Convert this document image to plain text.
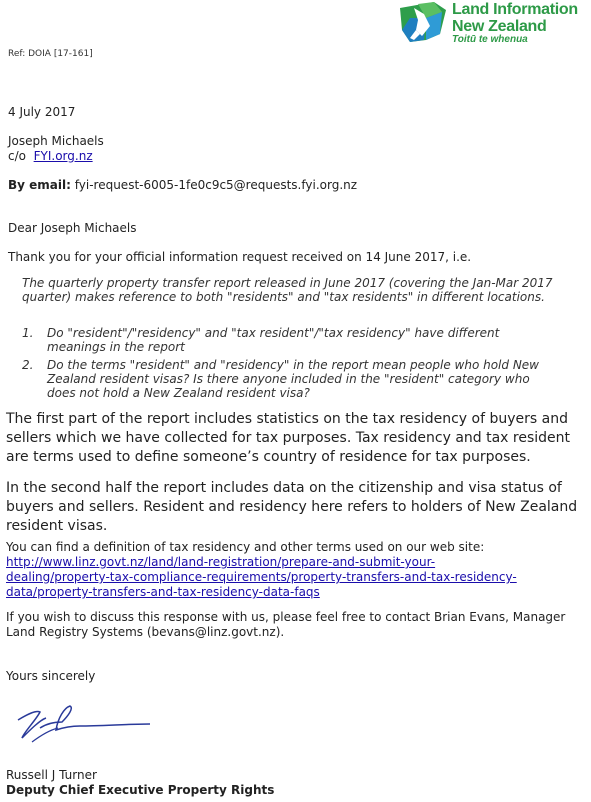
Land Information
New Zealand
Toitū te whenua
Ref: DOIA [17-161]
4 July 2017
Joseph Michaels
c/o FYI.org.nz
By email: fyi-request-6005-1fe0c9c5@requests.fyi.org.nz
Dear Joseph Michaels
Thank you for your official information request received on 14 June 2017, i.e.
The quarterly property transfer report released in June 2017 (covering the Jan-Mar 2017 quarter) makes reference to both "residents" and "tax residents" in different locations.
1.	Do "resident"/"residency" and "tax resident"/"tax residency" have different meanings in the report
2.	Do the terms "resident" and "residency" in the report mean people who hold New Zealand resident visas? Is there anyone included in the "resident" category who does not hold a New Zealand resident visa?
The first part of the report includes statistics on the tax residency of buyers and sellers which we have collected for tax purposes. Tax residency and tax resident are terms used to define someone’s country of residence for tax purposes.
In the second half the report includes data on the citizenship and visa status of buyers and sellers. Resident and residency here refers to holders of New Zealand resident visas.
You can find a definition of tax residency and other terms used on our web site:
http://www.linz.govt.nz/land/land-registration/prepare-and-submit-your-
dealing/property-tax-compliance-requirements/property-transfers-and-tax-residency-
data/property-transfers-and-tax-residency-data-faqs
If you wish to discuss this response with us, please feel free to contact Brian Evans, Manager Land Registry Systems (bevans@linz.govt.nz).
Yours sincerely
Russell J Turner
Deputy Chief Executive Property Rights
